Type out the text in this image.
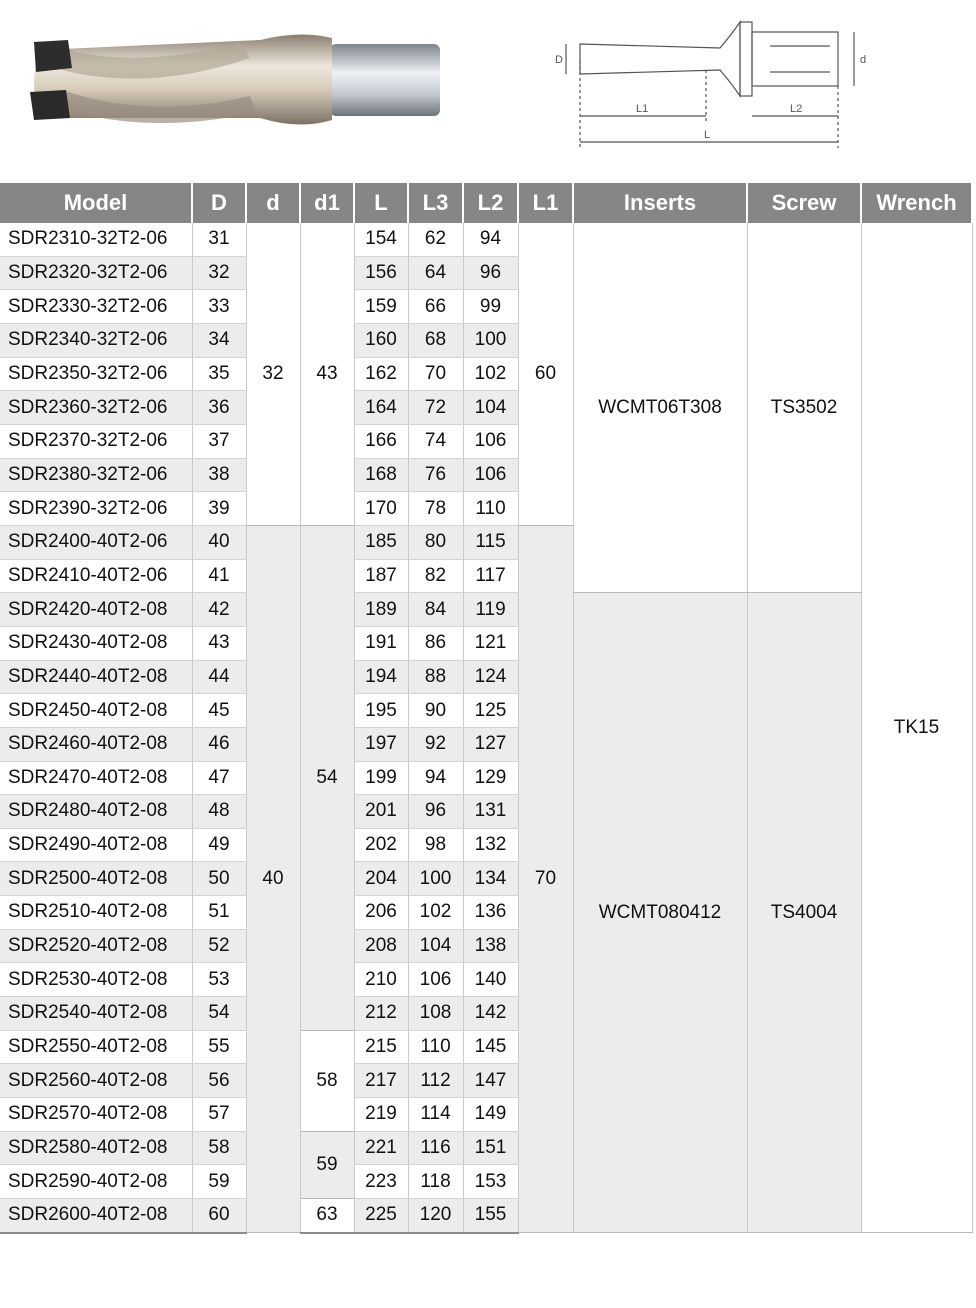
D	d
L1	L2
L
Model	D	d	d1	L	L3	L2	L1	Inserts	Screw	Wrench
SDR2310-32T2-06	31	32	43	154	62	94	60	WCMT06T308	TS3502	TK15
SDR2320-32T2-06	32			156	64	96				
SDR2330-32T2-06	33			159	66	99				
SDR2340-32T2-06	34			160	68	100				
SDR2350-32T2-06	35			162	70	102				
SDR2360-32T2-06	36			164	72	104				
SDR2370-32T2-06	37			166	74	106				
SDR2380-32T2-06	38			168	76	106				
SDR2390-32T2-06	39			170	78	110				
SDR2400-40T2-06	40	40	54	185	80	115	70			
SDR2410-40T2-06	41			187	82	117				
SDR2420-40T2-08	42			189	84	119		WCMT080412	TS4004	
SDR2430-40T2-08	43			191	86	121				
SDR2440-40T2-08	44			194	88	124				
SDR2450-40T2-08	45			195	90	125				
SDR2460-40T2-08	46			197	92	127				
SDR2470-40T2-08	47			199	94	129				
SDR2480-40T2-08	48			201	96	131				
SDR2490-40T2-08	49			202	98	132				
SDR2500-40T2-08	50			204	100	134				
SDR2510-40T2-08	51			206	102	136				
SDR2520-40T2-08	52			208	104	138				
SDR2530-40T2-08	53			210	106	140				
SDR2540-40T2-08	54			212	108	142				
SDR2550-40T2-08	55		58	215	110	145				
SDR2560-40T2-08	56			217	112	147				
SDR2570-40T2-08	57			219	114	149				
SDR2580-40T2-08	58		59	221	116	151				
SDR2590-40T2-08	59			223	118	153				
SDR2600-40T2-08	60		63	225	120	155				
